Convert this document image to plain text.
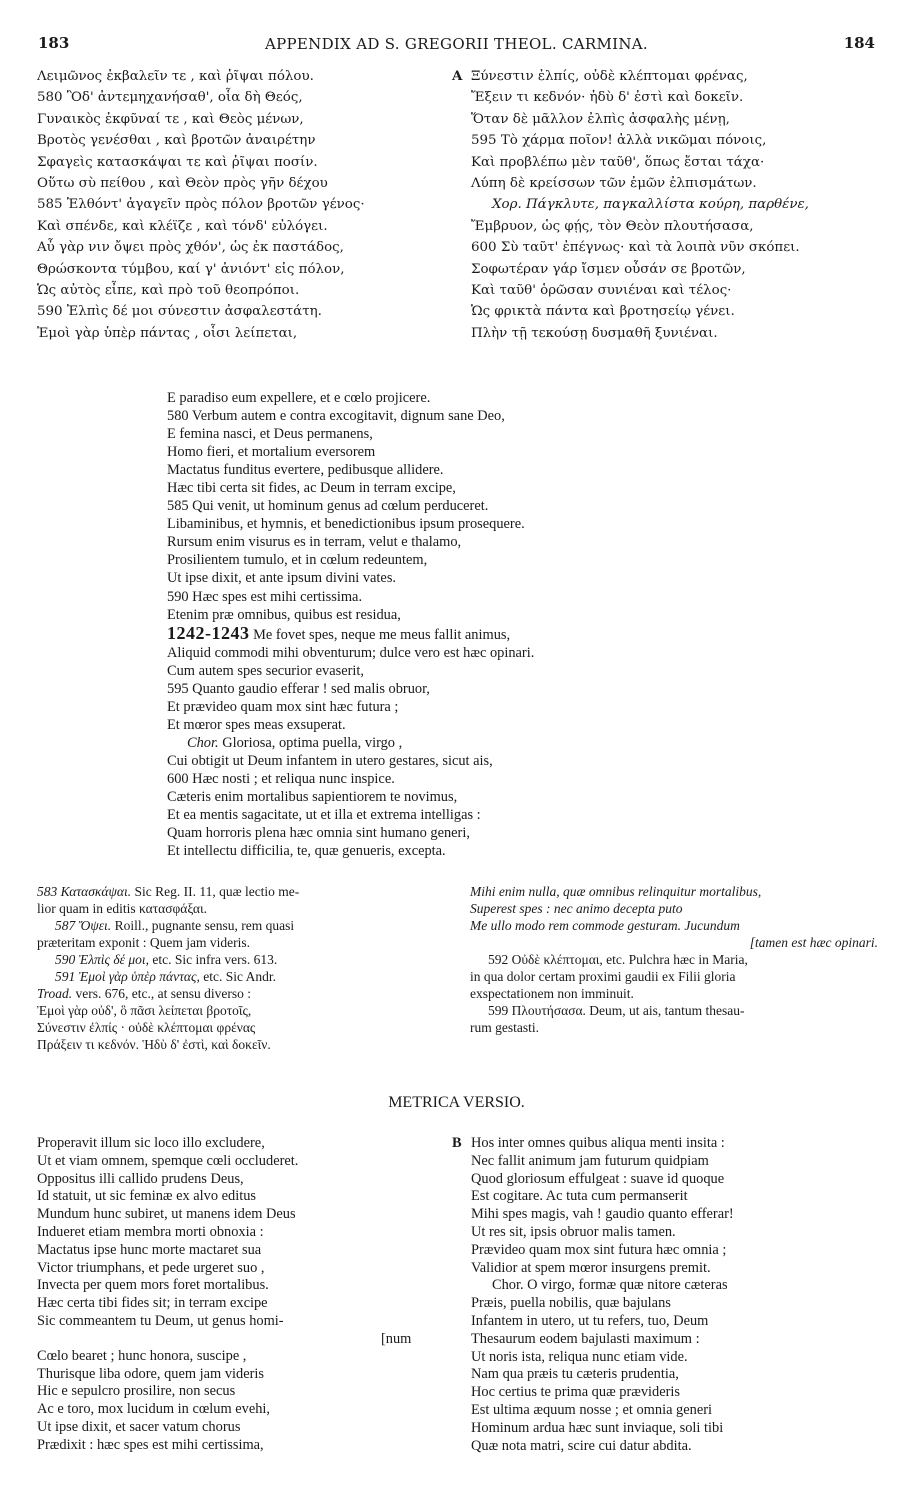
183	APPENDIX AD S. GREGORII THEOL. CARMINA.	184
Λειμῶνος ἐκβαλεῖν τε , καὶ ῥῖψαι πόλου.
580 Ὃδ' ἀντεμηχανήσαθ', οἷα δὴ Θεός,
Γυναικὸς ἐκφῦναί τε , καὶ Θεὸς μένων,
Βροτὸς γενέσθαι , καὶ βροτῶν ἀναιρέτην
Σφαγεὶς κατασκάψαι τε καὶ ῥῖψαι ποσίν.
Οὕτω σὺ πείθου , καὶ Θεὸν πρὸς γῆν δέχου
585 Ἐλθόντ' ἀγαγεῖν πρὸς πόλον βροτῶν γένος·
Καὶ σπένδε, καὶ κλέϊζε , καὶ τόνδ' εὐλόγει.
Αὖ γὰρ νιν ὄψει πρὸς χθόν', ὡς ἐκ παστάδος,
Θρώσκοντα τύμβου, καί γ' ἀνιόντ' εἰς πόλον,
Ὡς αὐτὸς εἶπε, καὶ πρὸ τοῦ θεοπρόποι.
590 Ἐλπὶς δέ μοι σύνεστιν ἀσφαλεστάτη.
Ἐμοὶ γὰρ ὑπὲρ πάντας , οἷσι λείπεται,
A Ξύνεστιν ἐλπίς, οὐδὲ κλέπτομαι φρένας,
Ἔξειν τι κεδνόν· ἡδὺ δ' ἐστὶ καὶ δοκεῖν.
Ὅταν δὲ μᾶλλον ἐλπὶς ἀσφαλὴς μένῃ,
595 Τὸ χάρμα ποῖον! ἀλλὰ νικῶμαι πόνοις,
Καὶ προβλέπω μὲν ταῦθ', ὅπως ἔσται τάχα·
Λύπη δὲ κρείσσων τῶν ἐμῶν ἐλπισμάτων.
Χορ. Πάγκλυτε, παγκαλλίστα κούρη, παρθένε,
Ἔμβρυον, ὡς φῄς, τὸν Θεὸν πλουτήσασα,
600 Σὺ ταῦτ' ἐπέγνως· καὶ τὰ λοιπὰ νῦν σκόπει.
Σοφωτέραν γάρ ἴσμεν οὖσάν σε βροτῶν,
Καὶ ταῦθ' ὁρῶσαν συνιέναι καὶ τέλος·
Ὡς φρικτὰ πάντα καὶ βροτησείῳ γένει.
Πλὴν τῇ τεκούσῃ δυσμαθῆ ξυνιέναι.
E paradiso eum expellere, et e cœlo projicere.
580 Verbum autem e contra excogitavit, dignum sane Deo,
E femina nasci, et Deus permanens,
Homo fieri, et mortalium eversorem
Mactatus funditus evertere, pedibusque allidere.
Hæc tibi certa sit fides, ac Deum in terram excipe,
585 Qui venit, ut hominum genus ad cœlum perduceret.
Libaminibus, et hymnis, et benedictionibus ipsum prosequere.
Rursum enim visurus es in terram, velut e thalamo,
Prosilientem tumulo, et in cœlum redeuntem,
Ut ipse dixit, et ante ipsum divini vates.
590 Hæc spes est mihi certissima.
Etenim præ omnibus, quibus est residua,
1242-1243 Me fovet spes, neque me meus fallit animus,
Aliquid commodi mihi obventurum; dulce vero est hæc opinari.
Cum autem spes securior evaserit,
595 Quanto gaudio efferar ! sed malis obruor,
Et prævideo quam mox sint hæc futura ;
Et mœror spes meas exsuperat.
Chor. Gloriosa, optima puella, virgo ,
Cui obtigit ut Deum infantem in utero gestares, sicut ais,
600 Hæc nosti ; et reliqua nunc inspice.
Cæteris enim mortalibus sapientiorem te novimus,
Et ea mentis sagacitate, ut et illa et extrema intelligas :
Quam horroris plena hæc omnia sint humano generi,
Et intellectu difficilia, te, quæ genueris, excepta.
583 Κατασκάψαι. Sic Reg. II. 11, quæ lectio me-
lior quam in editis κατασφάξαι.
587 Ὄψει. Roill., pugnante sensu, rem quasi
præteritam exponit : Quem jam videris.
590 Ἐλπὶς δέ μοι, etc. Sic infra vers. 613.
591 Ἐμοὶ γὰρ ὑπὲρ πάντας, etc. Sic Andr.
Troad. vers. 676, etc., at sensu diverso :
Ἐμοὶ γὰρ οὐδ', ὃ πᾶσι λείπεται βροτοῖς,
Σύνεστιν ἐλπίς · οὐδὲ κλέπτομαι φρένας
Πράξειν τι κεδνόν. Ἡδὺ δ' ἐστὶ, καὶ δοκεῖν.
Mihi enim nulla, quæ omnibus relinquitur mortalibus,
Superest spes : nec animo decepta puto
Me ullo modo rem commode gesturam. Jucundum
[tamen est hæc opinari.
592 Οὐδὲ κλέπτομαι, etc. Pulchra hæc in Maria,
in qua dolor certam proximi gaudii ex Filii gloria
exspectationem non imminuit.
599 Πλουτήσασα. Deum, ut ais, tantum thesau-
rum gestasti.
METRICA VERSIO.
Properavit illum sic loco illo excludere,
Ut et viam omnem, spemque cœli occluderet.
Oppositus illi callido prudens Deus,
Id statuit, ut sic feminæ ex alvo editus
Mundum hunc subiret, ut manens idem Deus
Indueret etiam membra morti obnoxia :
Mactatus ipse hunc morte mactaret sua
Victor triumphans, et pede urgeret suo ,
Invecta per quem mors foret mortalibus.
Hæc certa tibi fides sit; in terram excipe
Sic commeantem tu Deum, ut genus homi-
[num
Cœlo bearet ; hunc honora, suscipe ,
Thurisque liba odore, quem jam videris
Hic e sepulcro prosilire, non secus
Ac e toro, mox lucidum in cœlum evehi,
Ut ipse dixit, et sacer vatum chorus
Prædixit : hæc spes est mihi certissima,
B Hos inter omnes quibus aliqua menti insita :
Nec fallit animum jam futurum quidpiam
Quod gloriosum effulgeat : suave id quoque
Est cogitare. Ac tuta cum permanserit
Mihi spes magis, vah ! gaudio quanto efferar!
Ut res sit, ipsis obruor malis tamen.
Prævideo quam mox sint futura hæc omnia ;
Validior at spem mœror insurgens premit.
Chor. O virgo, formæ quæ nitore cæteras
Præis, puella nobilis, quæ bajulans
Infantem in utero, ut tu refers, tuo, Deum
Thesaurum eodem bajulasti maximum :
Ut noris ista, reliqua nunc etiam vide.
Nam qua præis tu cæteris prudentia,
Hoc certius te prima quæ prævideris
Est ultima æquum nosse ; et omnia generi
Hominum ardua hæc sunt inviaque, soli tibi
Quæ nota matri, scire cui datur abdita.
